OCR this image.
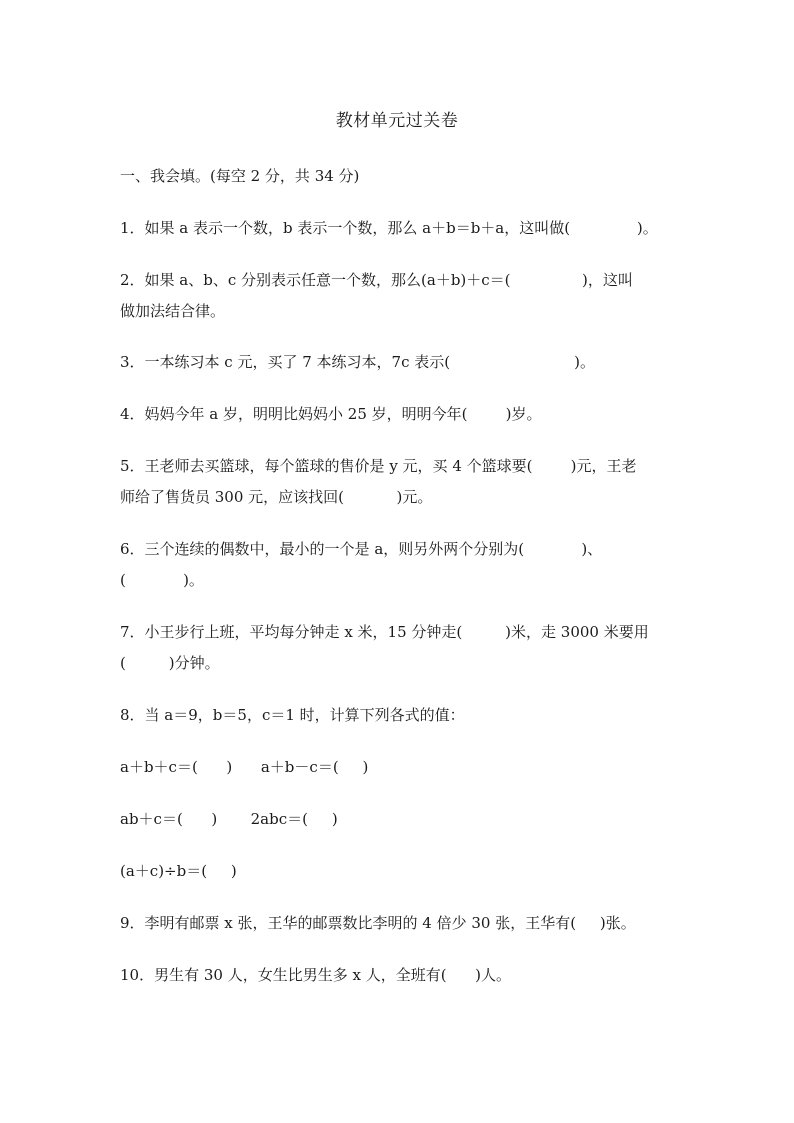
教材单元过关卷
一、我会填。(每空 2 分，共 34 分)
1．如果 a 表示一个数，b 表示一个数，那么 a＋b＝b＋a，这叫做(              )。
2．如果 a、b、c 分别表示任意一个数，那么(a＋b)＋c＝(               )，这叫
做加法结合律。
3．一本练习本 c 元，买了 7 本练习本，7c 表示(                          )。
4．妈妈今年 a 岁，明明比妈妈小 25 岁，明明今年(        )岁。
5．王老师去买篮球，每个篮球的售价是 y 元，买 4 个篮球要(        )元，王老
师给了售货员 300 元，应该找回(           )元。
6．三个连续的偶数中，最小的一个是 a，则另外两个分别为(            )、
(            )。
7．小王步行上班，平均每分钟走 x 米，15 分钟走(         )米，走 3000 米要用
(         )分钟。
8．当 a＝9，b＝5，c＝1 时，计算下列各式的值：
a＋b＋c＝(      )      a＋b－c＝(     )
ab＋c＝(      )       2abc＝(     )
(a＋c)÷b＝(     )
9．李明有邮票 x 张，王华的邮票数比李明的 4 倍少 30 张，王华有(     )张。
10．男生有 30 人，女生比男生多 x 人，全班有(      )人。
